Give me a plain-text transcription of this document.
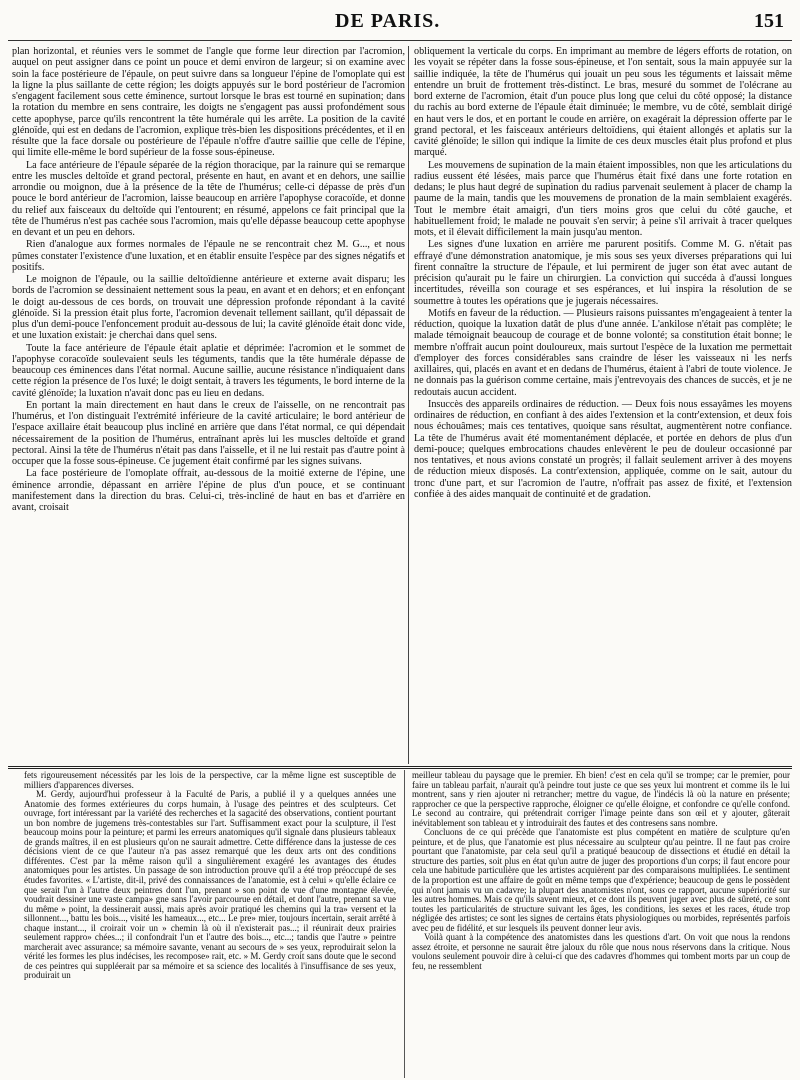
DE PARIS.	151

plan horizontal, et réunies vers le sommet de l'angle que forme leur direction par l'acromion, auquel on peut assigner dans ce point un pouce et demi environ de largeur; si on examine avec soin la face postérieure de l'épaule, on peut suivre dans sa longueur l'épine de l'omoplate qui est la ligne la plus saillante de cette région; les doigts appuyés sur le bord postérieur de l'acromion s'engagent facilement sous cette éminence, surtout lorsque le bras est tourné en supination; dans la rotation du membre en sens contraire, les doigts ne s'engagent pas aussi profondément sous cette apophyse, parce qu'ils rencontrent la tête humérale qui les arrête. La position de la cavité glénoïde, qui est en dedans de l'acromion, explique très-bien les dispositions précédentes, et il en résulte que la face dorsale ou postérieure de l'épaule n'offre d'autre saillie que celle de l'épine, qui limite elle-même le bord supérieur de la fosse sous-épineuse.

La face antérieure de l'épaule séparée de la région thoracique, par la rainure qui se remarque entre les muscles deltoïde et grand pectoral, présente en haut, en avant et en dehors, une saillie arrondie ou moignon, due à la présence de la tête de l'humérus; celle-ci dépasse de près d'un pouce le bord antérieur de l'acromion, laisse beaucoup en arrière l'apophyse coracoïde, et donne du relief aux faisceaux du deltoïde qui l'entourent; en résumé, appelons ce fait principal que la tête de l'humérus n'est pas cachée sous l'acromion, mais qu'elle dépasse beaucoup cette apophyse en devant et un peu en dehors.

Rien d'analogue aux formes normales de l'épaule ne se rencontrait chez M. G..., et nous pûmes constater l'existence d'une luxation, et en établir ensuite l'espèce par des signes négatifs et positifs.

Le moignon de l'épaule, ou la saillie deltoïdienne antérieure et externe avait disparu; les bords de l'acromion se dessinaient nettement sous la peau, en avant et en dehors; et en enfonçant le doigt au-dessous de ces bords, on trouvait une dépression profonde répondant à la cavité glénoïde. Si la pression était plus forte, l'acromion devenait tellement saillant, qu'il dépassait de plus d'un demi-pouce l'enfoncement produit au-dessous de lui; la cavité glénoïde était donc vide, et une luxation existait: je cherchai dans quel sens.

Toute la face antérieure de l'épaule était aplatie et déprimée: l'acromion et le sommet de l'apophyse coracoïde soulevaient seuls les téguments, tandis que la tête humérale dépasse de beaucoup ces éminences dans l'état normal. Aucune saillie, aucune résistance n'indiquaient dans cette région la présence de l'os luxé; le doigt sentait, à travers les téguments, le bord interne de la cavité glénoïde; la luxation n'avait donc pas eu lieu en dedans.

En portant la main directement en haut dans le creux de l'aisselle, on ne rencontrait pas l'humérus, et l'on distinguait l'extrémité inférieure de la cavité articulaire; le bord antérieur de l'espace axillaire était beaucoup plus incliné en arrière que dans l'état normal, ce qui dépendait nécessairement de la position de l'humérus, entraînant après lui les muscles deltoïde et grand pectoral. Ainsi la tête de l'humérus n'était pas dans l'aisselle, et il ne lui restait pas d'autre point à occuper que la fosse sous-épineuse. Ce jugement était confirmé par les signes suivans.

La face postérieure de l'omoplate offrait, au-dessous de la moitié externe de l'épine, une éminence arrondie, dépassant en arrière l'épine de plus d'un pouce, et se continuant manifestement dans la direction du bras. Celui-ci, très-incliné de haut en bas et d'arrière en avant, croisait

obliquement la verticale du corps. En imprimant au membre de légers efforts de rotation, on les voyait se répéter dans la fosse sous-épineuse, et l'on sentait, sous la main appuyée sur la saillie indiquée, la tête de l'humérus qui jouait un peu sous les téguments et laissait même entendre un bruit de frottement très-distinct. Le bras, mesuré du sommet de l'olécrane au bord externe de l'acromion, était d'un pouce plus long que celui du côté opposé; la distance du rachis au bord externe de l'épaule était diminuée; le membre, vu de côté, semblait dirigé en haut vers le dos, et en portant le coude en arrière, on exagérait la dépression offerte par le grand pectoral, et les faisceaux antérieurs deltoïdiens, qui étaient allongés et aplatis sur la cavité glénoïde; le sillon qui indique la limite de ces deux muscles était plus profond et plus marqué.

Les mouvemens de supination de la main étaient impossibles, non que les articulations du radius eussent été lésées, mais parce que l'humérus était fixé dans une forte rotation en dedans; le plus haut degré de supination du radius parvenait seulement à placer de champ la paume de la main, tandis que les mouvemens de pronation de la main semblaient exagérés. Tout le membre était amaigri, d'un tiers moins gros que celui du côté gauche, et habituellement froid; le malade ne pouvait s'en servir; à peine s'il arrivait à tracer quelques mots, et il élevait difficilement la main jusqu'au menton.

Les signes d'une luxation en arrière me parurent positifs. Comme M. G. n'était pas effrayé d'une démonstration anatomique, je mis sous ses yeux diverses préparations qui lui firent connaître la structure de l'épaule, et lui permirent de juger son état avec autant de précision qu'aurait pu le faire un chirurgien. La conviction qui succéda à d'aussi longues incertitudes, réveilla son courage et ses espérances, et lui inspira la résolution de se soumettre à toutes les opérations que je jugerais nécessaires.

Motifs en faveur de la réduction. — Plusieurs raisons puissantes m'engageaient à tenter la réduction, quoique la luxation datât de plus d'une année. L'ankilose n'était pas complète; le malade témoignait beaucoup de courage et de bonne volonté; sa constitution était bonne; le membre n'offrait aucun point douloureux, mais surtout l'espèce de la luxation me permettait d'employer des forces considérables sans craindre de léser les vaisseaux ni les nerfs axillaires, qui, placés en avant et en dedans de l'humérus, étaient à l'abri de toute violence. Je ne donnais pas la guérison comme certaine, mais j'entrevoyais des chances de succès, et je ne redoutais aucun accident.

Insuccès des appareils ordinaires de réduction. — Deux fois nous essayâmes les moyens ordinaires de réduction, en confiant à des aides l'extension et la contr'extension, et deux fois nous échouâmes; mais ces tentatives, quoique sans résultat, augmentèrent notre confiance. La tête de l'humérus avait été momentanément déplacée, et portée en dehors de plus d'un demi-pouce; quelques embrocations chaudes enlevèrent le peu de douleur occasionné par nos tentatives, et nous avions constaté un progrès; il fallait seulement arriver à des moyens de réduction mieux disposés. La contr'extension, appliquée, comme on le sait, autour du tronc d'une part, et sur l'acromion de l'autre, n'offrait pas assez de fixité, et l'extension confiée à des aides manquait de continuité et de gradation.

fets rigoureusement nécessités par les lois de la perspective, car la même ligne est susceptible de milliers d'apparences diverses.

M. Gerdy, aujourd'hui professeur à la Faculté de Paris, a publié il y a quelques années une Anatomie des formes extérieures du corps humain, à l'usage des peintres et des sculpteurs. Cet ouvrage, fort intéressant par la variété des recherches et la sagacité des observations, contient pourtant un bon nombre de jugemens très-contestables sur l'art. Suffisamment exact pour la sculpture, il l'est beaucoup moins pour la peinture; et parmi les erreurs anatomiques qu'il signale dans plusieurs tableaux de grands maîtres, il en est plusieurs qu'on ne saurait admettre. Cette différence dans la justesse de ces décisions vient de ce que l'auteur n'a pas assez remarqué que les deux arts ont des conditions différentes. C'est par la même raison qu'il a singulièrement exagéré les avantages des études anatomiques pour les artistes. Un passage de son introduction prouve qu'il a été trop préoccupé de ses études favorites. « L'artiste, dit-il, privé des connaissances de l'anatomie, est à celui » qu'elle éclaire ce que serait l'un à l'autre deux peintres dont l'un, prenant » son point de vue d'une montagne élevée, voudrait dessiner une vaste campa» gne sans l'avoir parcourue en détail, et dont l'autre, prenant sa vue du même » point, la dessinerait aussi, mais après avoir pratiqué les chemins qui la tra» versent et la sillonnent..., battu les bois..., visité les hameaux..., etc... Le pre» mier, toujours incertain, serait arrêté à chaque instant..., il croirait voir un » chemin là où il n'existerait pas...; il réunirait deux prairies seulement rappro» chées...; il confondrait l'un et l'autre des bois..., etc...; tandis que l'autre » peintre marcherait avec assurance; sa mémoire savante, venant au secours de » ses yeux, reproduirait selon la vérité les formes les plus indécises, les recompose» rait, etc. » M. Gerdy croit sans doute que le second de ces peintres qui suppléerait par sa mémoire et sa science des localités à l'insuffisance de ses yeux, produirait un

meilleur tableau du paysage que le premier. Eh bien! c'est en cela qu'il se trompe; car le premier, pour faire un tableau parfait, n'aurait qu'à peindre tout juste ce que ses yeux lui montrent et comme ils le lui montrent, sans y rien ajouter ni retrancher; mettre du vague, de l'indécis là où la nature en présente; rapprocher ce que la perspective rapproche, éloigner ce qu'elle éloigne, et confondre ce qu'elle confond. Le second au contraire, qui prétendrait corriger l'image peinte dans son œil et y ajouter, gâterait inévitablement son tableau et y introduirait des fautes et des contresens sans nombre.

Concluons de ce qui précède que l'anatomiste est plus compétent en matière de sculpture qu'en peinture, et de plus, que l'anatomie est plus nécessaire au sculpteur qu'au peintre. Il ne faut pas croire pourtant que l'anatomiste, par cela seul qu'il a pratiqué beaucoup de dissections et étudié en détail la structure des parties, soit plus en état qu'un autre de juger des proportions d'un corps; il faut encore pour cela une habitude particulière que les artistes acquièrent par des comparaisons multipliées. Le sentiment de la proportion est une affaire de goût en même temps que d'expérience; beaucoup de gens le possèdent qui n'ont jamais vu un cadavre; la plupart des anatomistes n'ont, sous ce rapport, aucune supériorité sur les autres hommes. Mais ce qu'ils savent mieux, et ce dont ils peuvent juger avec plus de sûreté, ce sont toutes les particularités de structure suivant les âges, les conditions, les sexes et les races, étude trop négligée des artistes; ce sont les signes de certains états physiologiques ou morbides, représentés parfois avec peu de fidélité, et sur lesquels ils peuvent donner leur avis.

Voilà quant à la compétence des anatomistes dans les questions d'art. On voit que nous la rendons assez étroite, et personne ne saurait être jaloux du rôle que nous nous réservons dans la critique. Nous voulons seulement pouvoir dire à celui-ci que des cadavres d'hommes qui tombent morts par un coup de feu, ne ressemblent
